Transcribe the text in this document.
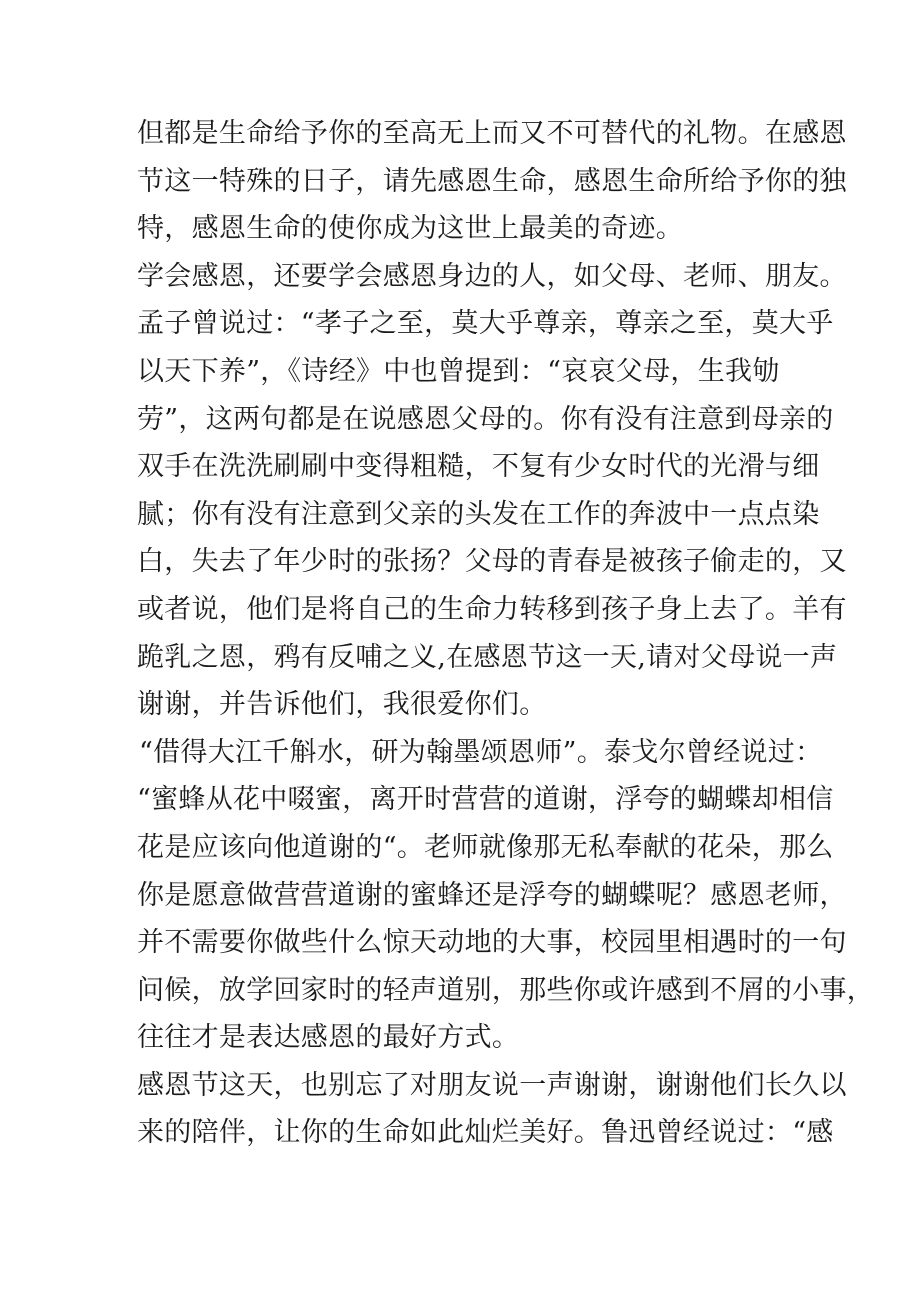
但都是生命给予你的至高无上而又不可替代的礼物。在感恩
节这一特殊的日子，请先感恩生命，感恩生命所给予你的独
特，感恩生命的使你成为这世上最美的奇迹。
学会感恩，还要学会感恩身边的人，如父母、老师、朋友。
孟子曾说过：“孝子之至，莫大乎尊亲，尊亲之至，莫大乎
以天下养”，《诗经》中也曾提到：“哀哀父母，生我劬
劳”，这两句都是在说感恩父母的。你有没有注意到母亲的
双手在洗洗刷刷中变得粗糙，不复有少女时代的光滑与细
腻；你有没有注意到父亲的头发在工作的奔波中一点点染
白，失去了年少时的张扬？父母的青春是被孩子偷走的，又
或者说，他们是将自己的生命力转移到孩子身上去了。羊有
跪乳之恩，鸦有反哺之义,在感恩节这一天,请对父母说一声
谢谢，并告诉他们，我很爱你们。
“借得大江千斛水，研为翰墨颂恩师”。泰戈尔曾经说过：
“蜜蜂从花中啜蜜，离开时营营的道谢，浮夸的蝴蝶却相信
花是应该向他道谢的“。老师就像那无私奉献的花朵，那么
你是愿意做营营道谢的蜜蜂还是浮夸的蝴蝶呢？感恩老师，
并不需要你做些什么惊天动地的大事，校园里相遇时的一句
问候，放学回家时的轻声道别，那些你或许感到不屑的小事，
往往才是表达感恩的最好方式。
感恩节这天，也别忘了对朋友说一声谢谢，谢谢他们长久以
来的陪伴，让你的生命如此灿烂美好。鲁迅曾经说过：“感
